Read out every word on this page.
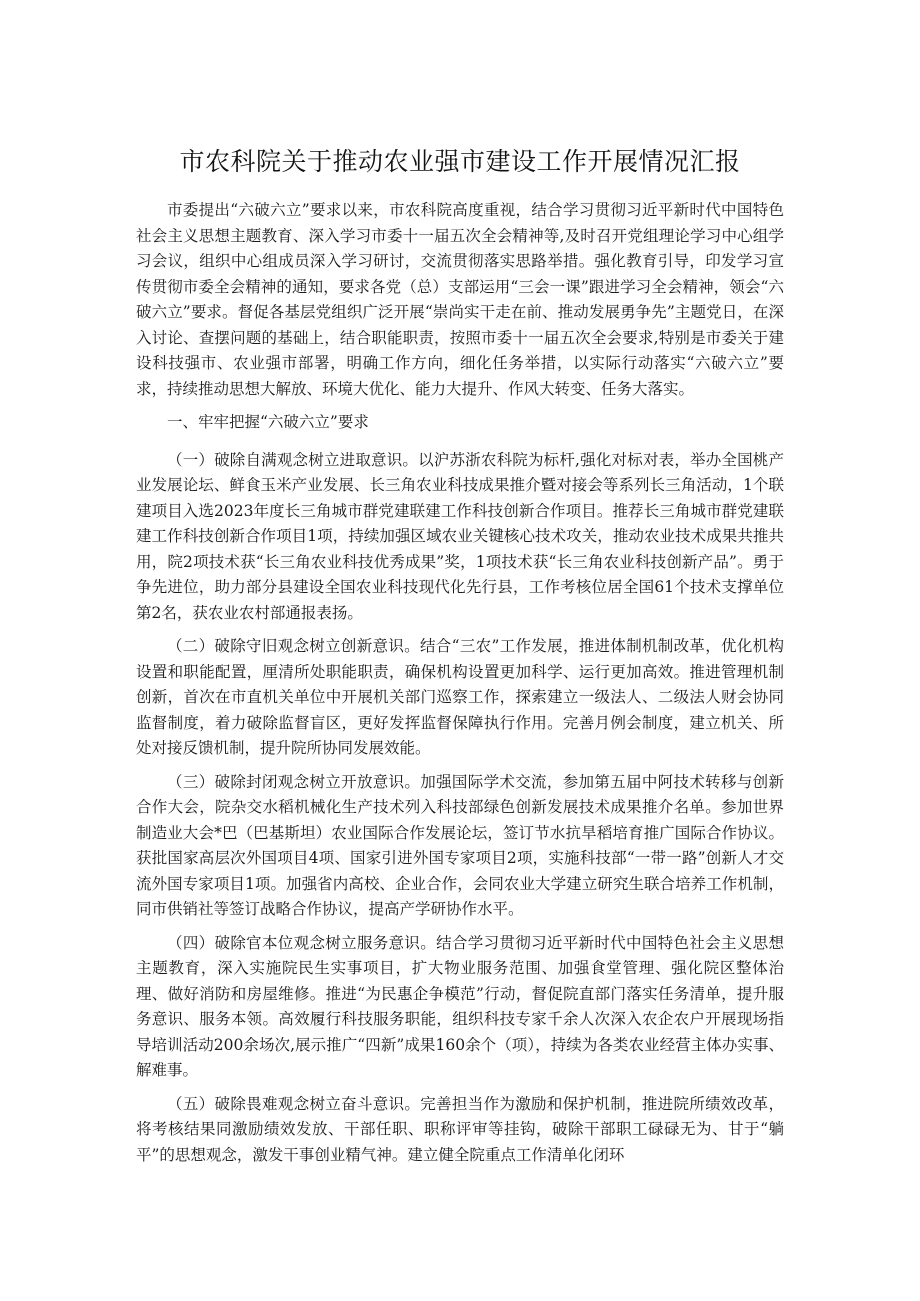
市农科院关于推动农业强市建设工作开展情况汇报

市委提出“六破六立”要求以来，市农科院高度重视，结合学习贯彻习近平新时代中国特色社会主义思想主题教育、深入学习市委十一届五次全会精神等,及时召开党组理论学习中心组学习会议，组织中心组成员深入学习研讨，交流贯彻落实思路举措。强化教育引导，印发学习宣传贯彻市委全会精神的通知，要求各党（总）支部运用“三会一课”跟进学习全会精神，领会“六破六立”要求。督促各基层党组织广泛开展“崇尚实干走在前、推动发展勇争先”主题党日，在深入讨论、查摆问题的基础上，结合职能职责，按照市委十一届五次全会要求,特别是市委关于建设科技强市、农业强市部署，明确工作方向，细化任务举措，以实际行动落实“六破六立”要求，持续推动思想大解放、环境大优化、能力大提升、作风大转变、任务大落实。

一、牢牢把握“六破六立”要求

（一）破除自满观念树立进取意识。以沪苏浙农科院为标杆,强化对标对表，举办全国桃产业发展论坛、鲜食玉米产业发展、长三角农业科技成果推介暨对接会等系列长三角活动，1个联建项目入选2023年度长三角城市群党建联建工作科技创新合作项目。推荐长三角城市群党建联建工作科技创新合作项目1项，持续加强区域农业关键核心技术攻关，推动农业技术成果共推共用，院2项技术获“长三角农业科技优秀成果”奖，1项技术获“长三角农业科技创新产品”。勇于争先进位，助力部分县建设全国农业科技现代化先行县，工作考核位居全国61个技术支撑单位第2名，获农业农村部通报表扬。

（二）破除守旧观念树立创新意识。结合“三农”工作发展，推进体制机制改革，优化机构设置和职能配置，厘清所处职能职责，确保机构设置更加科学、运行更加高效。推进管理机制创新，首次在市直机关单位中开展机关部门巡察工作，探索建立一级法人、二级法人财会协同监督制度，着力破除监督盲区，更好发挥监督保障执行作用。完善月例会制度，建立机关、所处对接反馈机制，提升院所协同发展效能。

（三）破除封闭观念树立开放意识。加强国际学术交流，参加第五届中阿技术转移与创新合作大会，院杂交水稻机械化生产技术列入科技部绿色创新发展技术成果推介名单。参加世界制造业大会*巴（巴基斯坦）农业国际合作发展论坛，签订节水抗旱稻培育推广国际合作协议。获批国家高层次外国项目4项、国家引进外国专家项目2项，实施科技部“一带一路”创新人才交流外国专家项目1项。加强省内高校、企业合作，会同农业大学建立研究生联合培养工作机制，同市供销社等签订战略合作协议，提高产学研协作水平。

（四）破除官本位观念树立服务意识。结合学习贯彻习近平新时代中国特色社会主义思想主题教育，深入实施院民生实事项目，扩大物业服务范围、加强食堂管理、强化院区整体治理、做好消防和房屋维修。推进“为民惠企争模范”行动，督促院直部门落实任务清单，提升服务意识、服务本领。高效履行科技服务职能，组织科技专家千余人次深入农企农户开展现场指导培训活动200余场次,展示推广“四新”成果160余个（项），持续为各类农业经营主体办实事、解难事。

（五）破除畏难观念树立奋斗意识。完善担当作为激励和保护机制，推进院所绩效改革，将考核结果同激励绩效发放、干部任职、职称评审等挂钩，破除干部职工碌碌无为、甘于“躺平”的思想观念，激发干事创业精气神。建立健全院重点工作清单化闭环
